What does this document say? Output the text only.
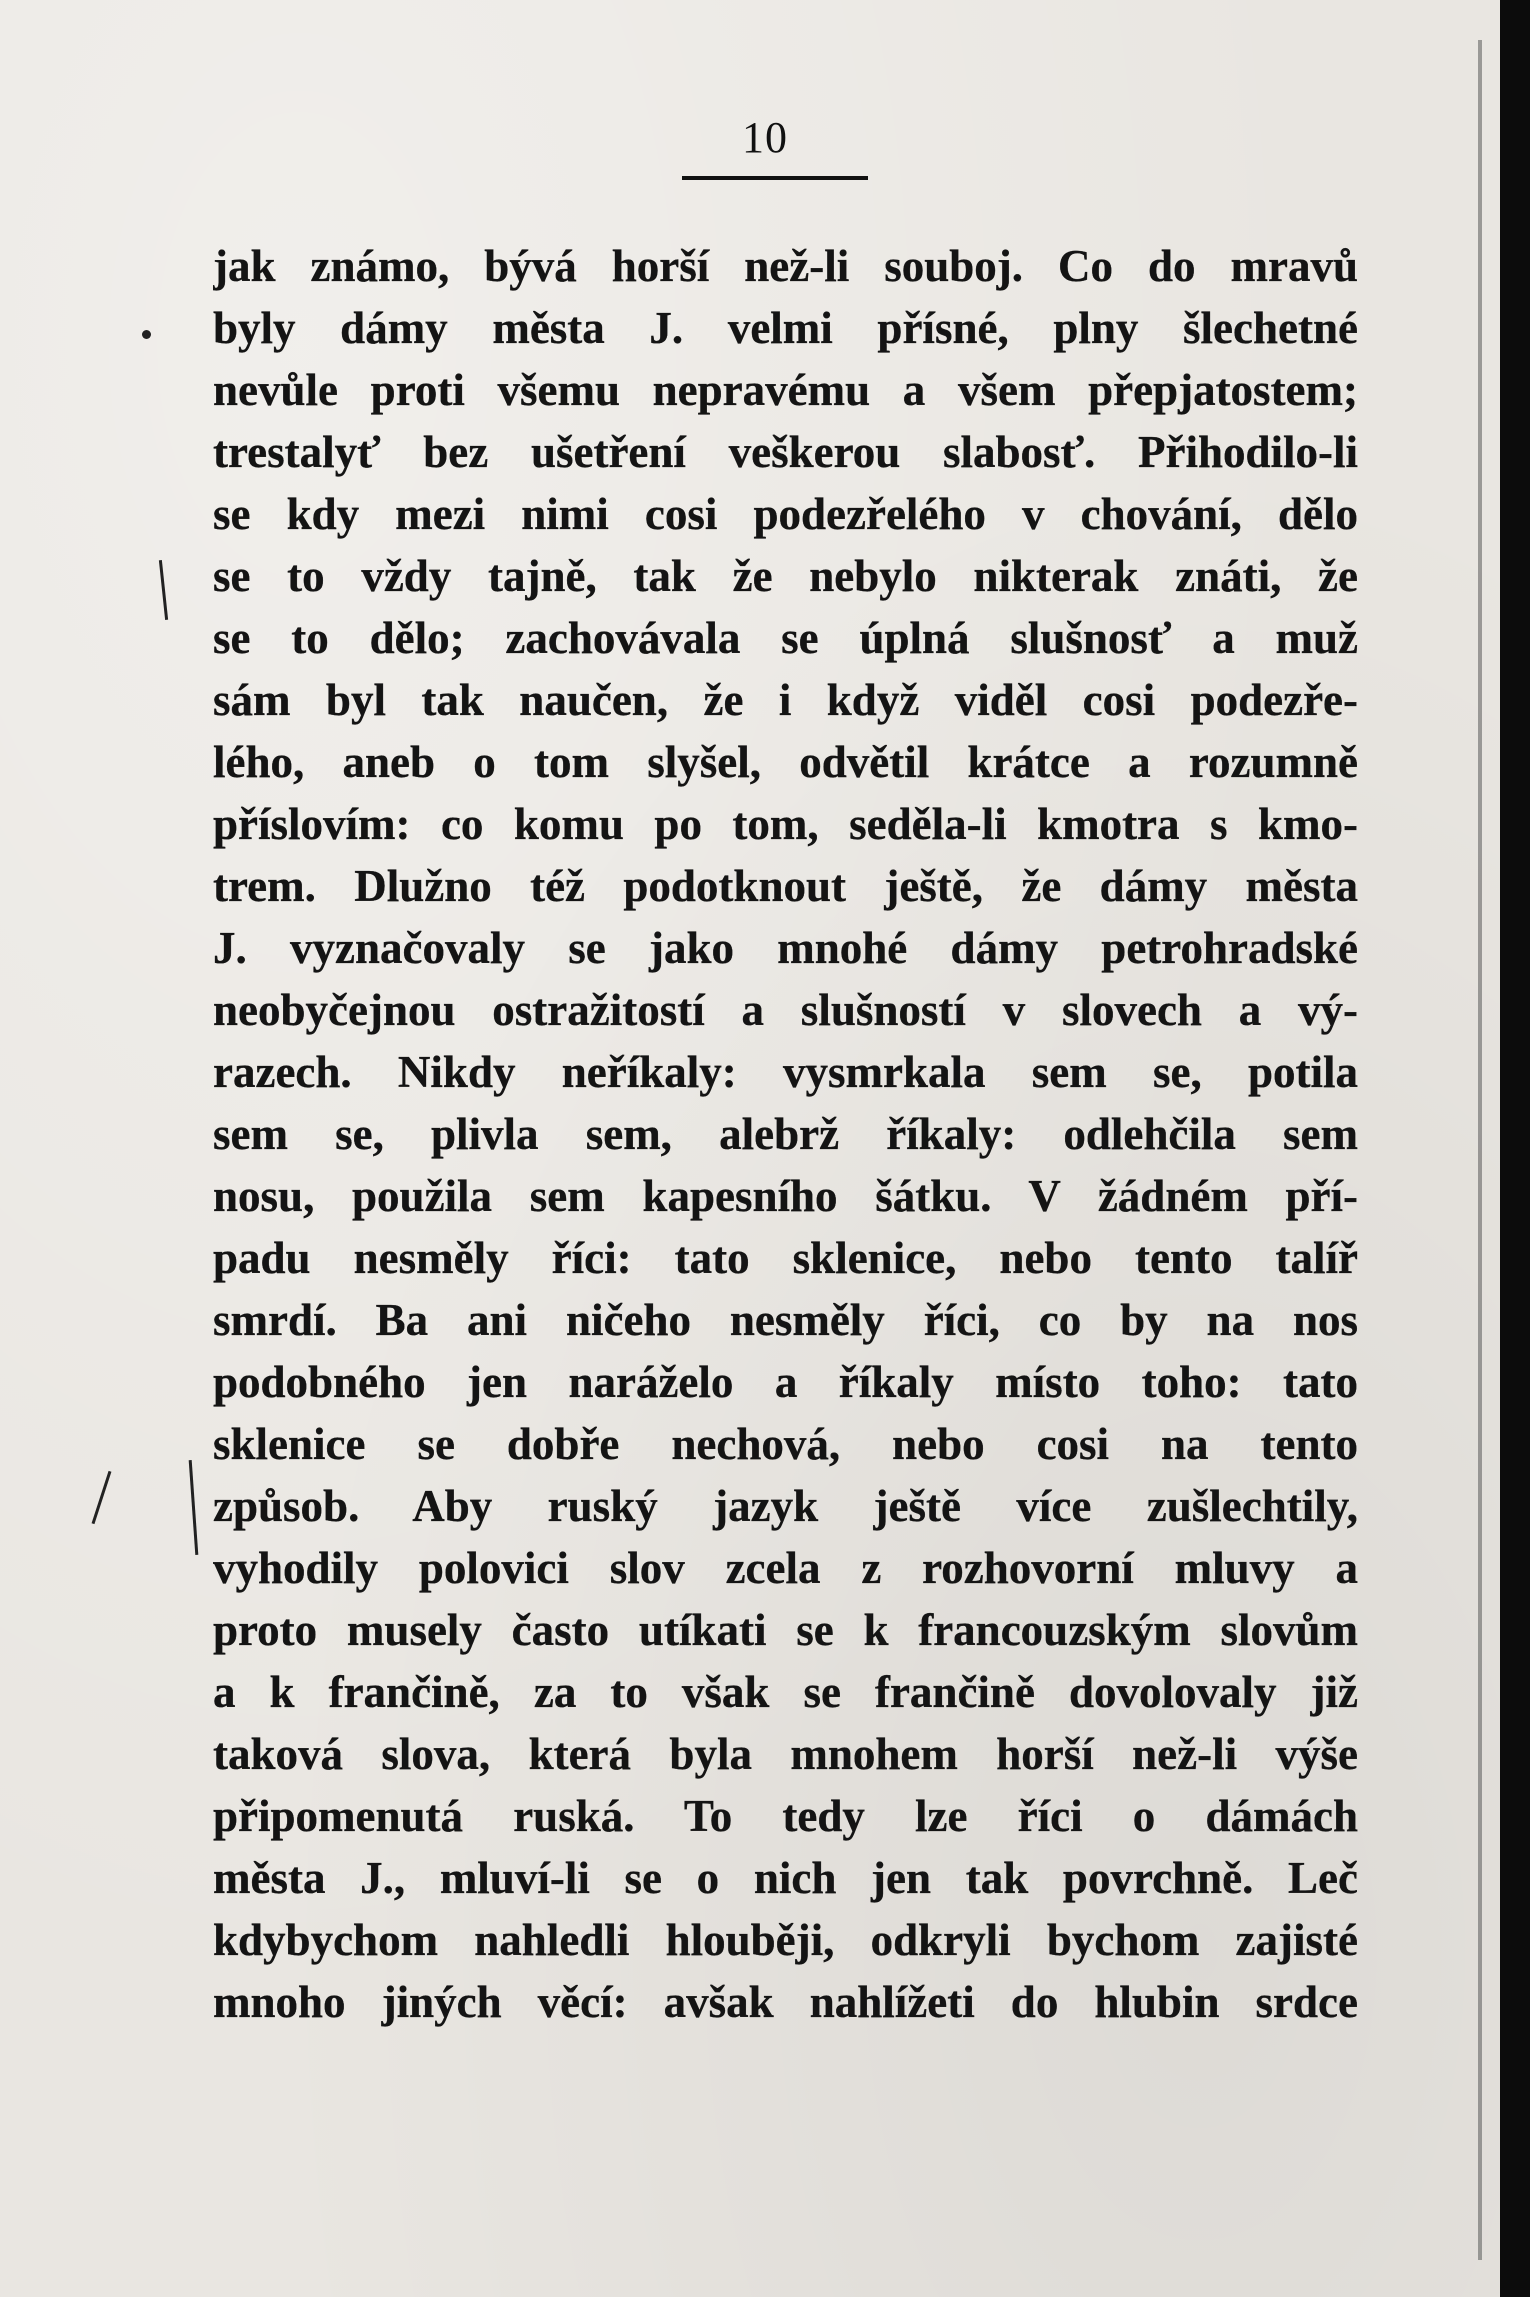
10
jak známo, bývá horší než-li souboj. Co do mravů
byly dámy města J. velmi přísné, plny šlechetné
nevůle proti všemu nepravému a všem přepjatostem;
trestalyť bez ušetření veškerou slabosť. Přihodilo-li
se kdy mezi nimi cosi podezřelého v chování, dělo
se to vždy tajně, tak že nebylo nikterak znáti, že
se to dělo; zachovávala se úplná slušnosť a muž
sám byl tak naučen, že i když viděl cosi podezře-
lého, aneb o tom slyšel, odvětil krátce a rozumně
příslovím: co komu po tom, seděla-li kmotra s kmo-
trem. Dlužno též podotknout ještě, že dámy města
J. vyznačovaly se jako mnohé dámy petrohradské
neobyčejnou ostražitostí a slušností v slovech a vý-
razech. Nikdy neříkaly: vysmrkala sem se, potila
sem se, plivla sem, alebrž říkaly: odlehčila sem
nosu, použila sem kapesního šátku. V žádném pří-
padu nesměly říci: tato sklenice, nebo tento talíř
smrdí. Ba ani ničeho nesměly říci, co by na nos
podobného jen naráželo a říkaly místo toho: tato
sklenice se dobře nechová, nebo cosi na tento
způsob. Aby ruský jazyk ještě více zušlechtily,
vyhodily polovici slov zcela z rozhovorní mluvy a
proto musely často utíkati se k francouzským slovům
a k frančině, za to však se frančině dovolovaly již
taková slova, která byla mnohem horší než-li výše
připomenutá ruská. To tedy lze říci o dámách
města J., mluví-li se o nich jen tak povrchně. Leč
kdybychom nahledli hlouběji, odkryli bychom zajisté
mnoho jiných věcí: avšak nahlížeti do hlubin srdce
